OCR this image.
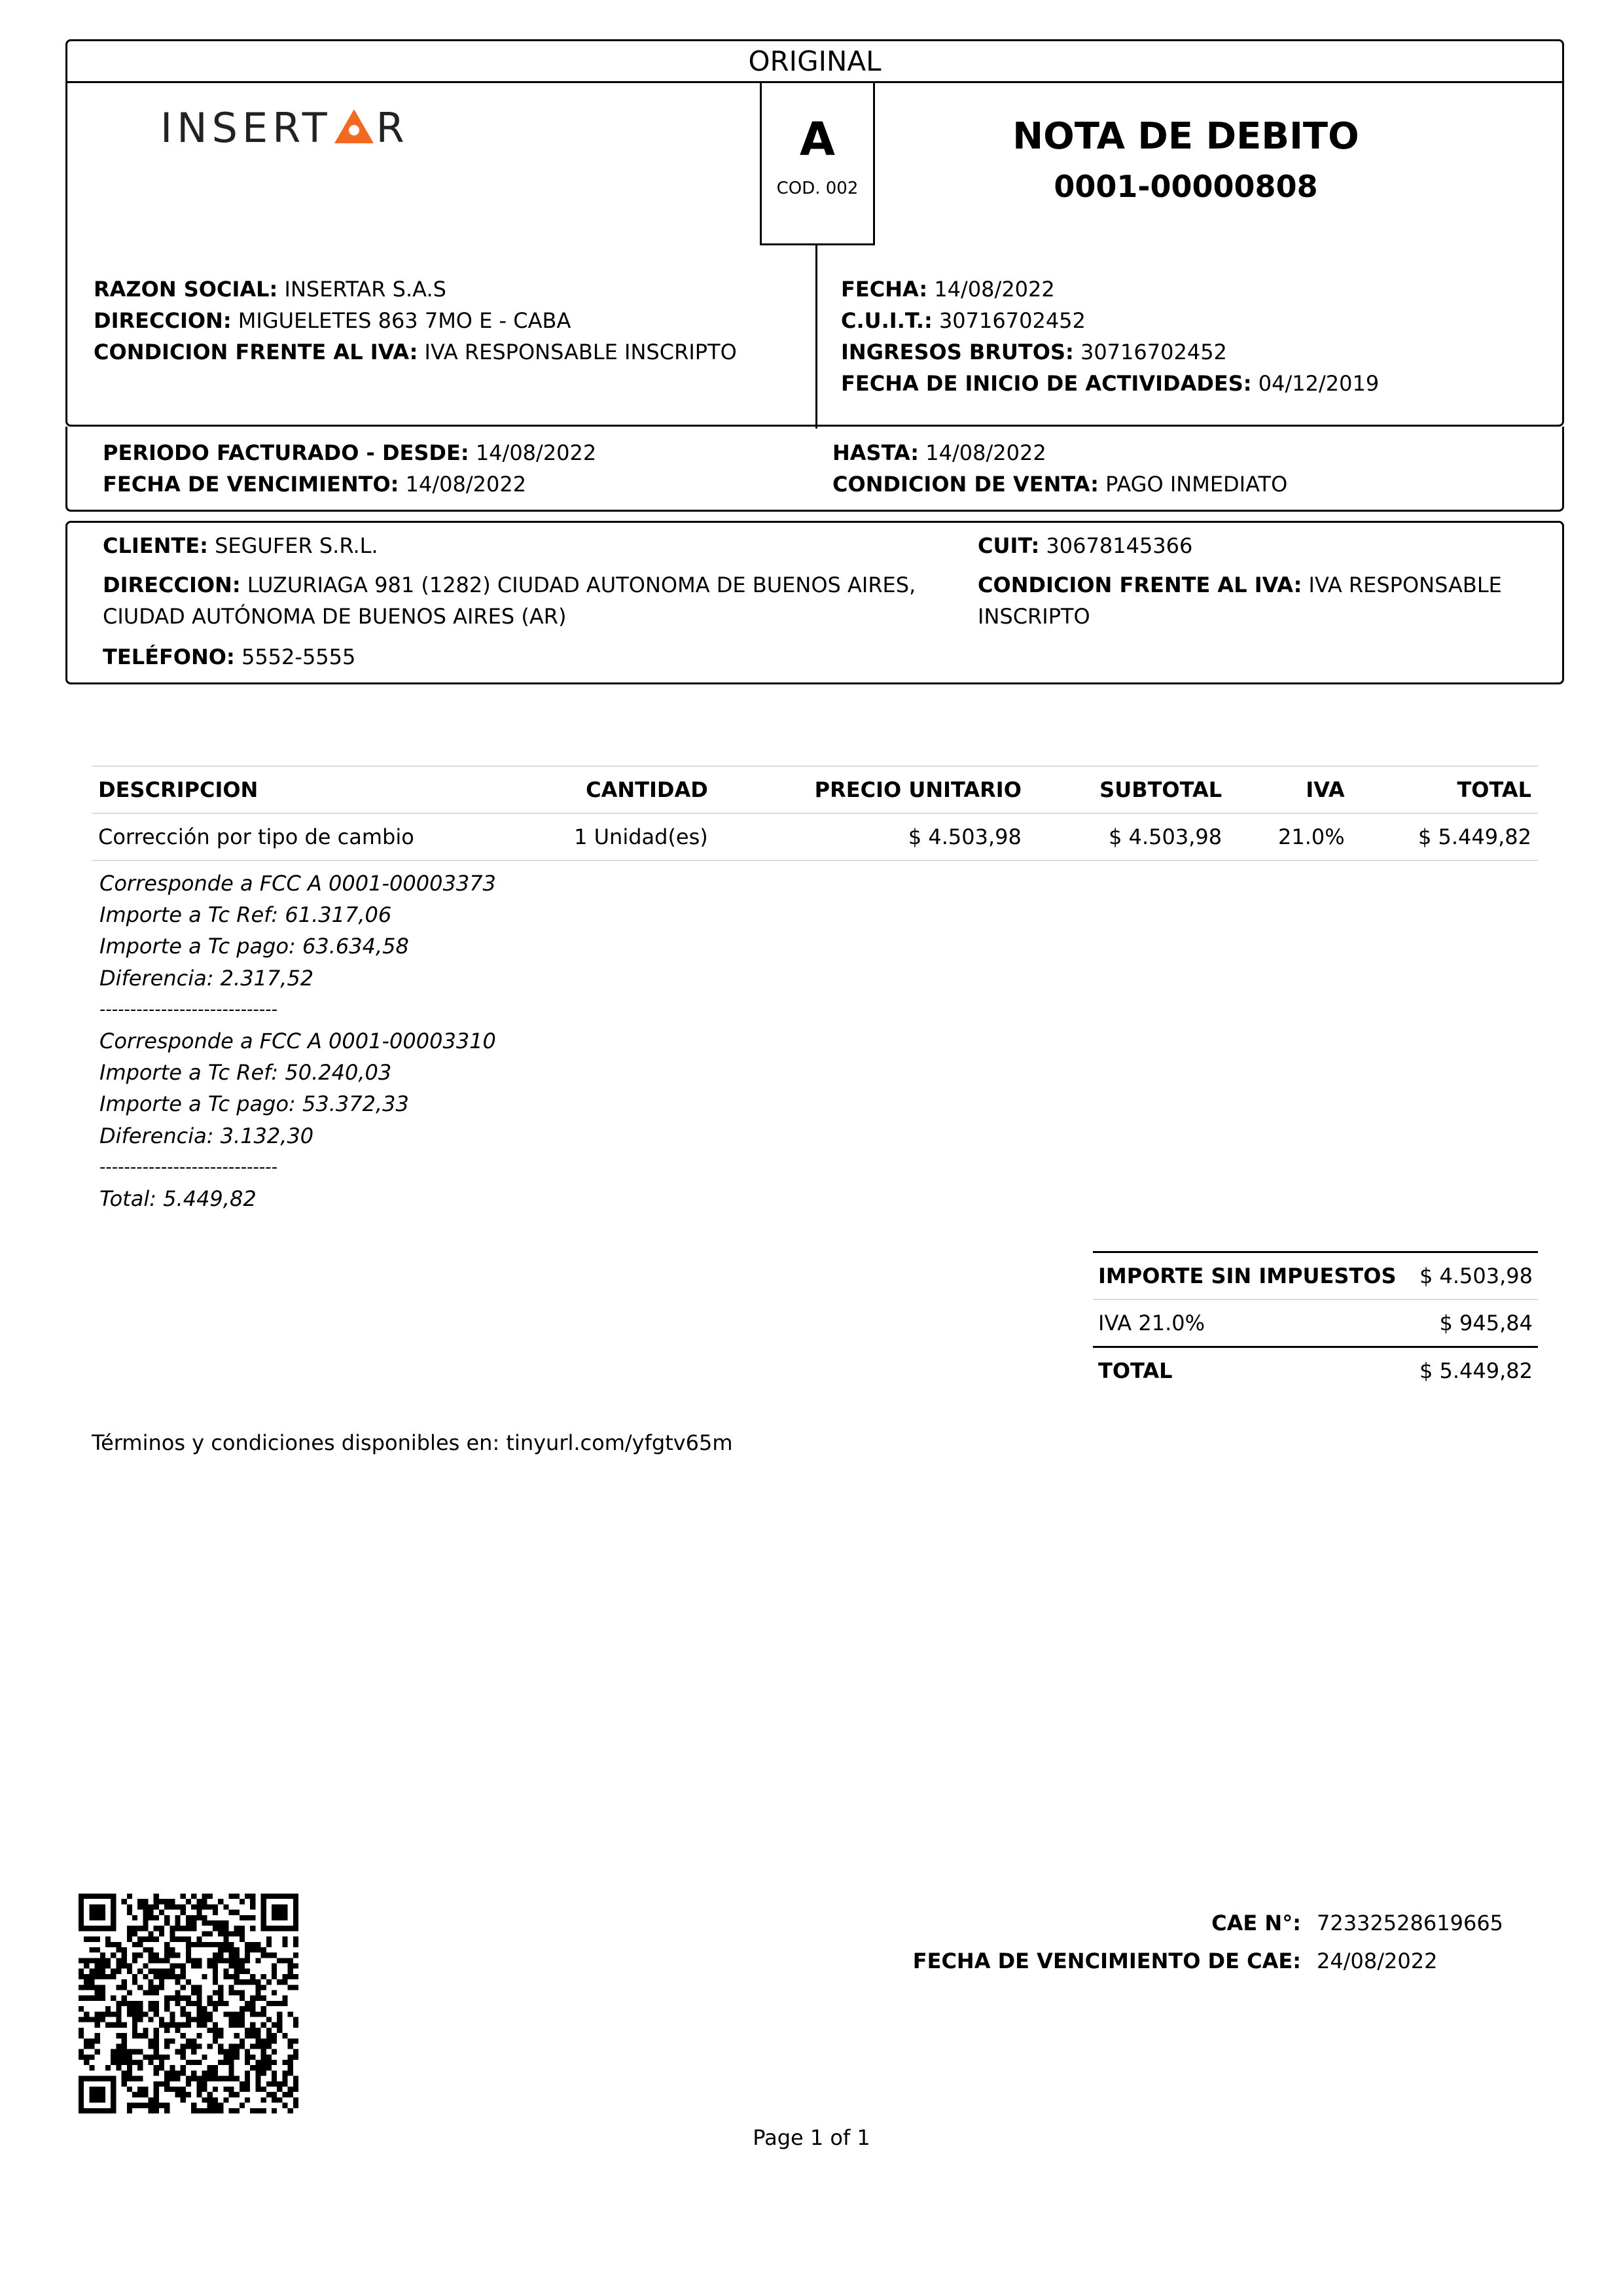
ORIGINAL
A
COD. 002
INSERT R	NOTA DE DEBITO
0001-00000808
RAZON SOCIAL: INSERTAR S.A.S
DIRECCION: MIGUELETES 863 7MO E - CABA
CONDICION FRENTE AL IVA: IVA RESPONSABLE INSCRIPTO
FECHA: 14/08/2022
C.U.I.T.: 30716702452
INGRESOS BRUTOS: 30716702452
FECHA DE INICIO DE ACTIVIDADES: 04/12/2019
PERIODO FACTURADO - DESDE: 14/08/2022
FECHA DE VENCIMIENTO: 14/08/2022
HASTA: 14/08/2022
CONDICION DE VENTA: PAGO INMEDIATO
CLIENTE: SEGUFER S.R.L.
DIRECCION: LUZURIAGA 981 (1282) CIUDAD AUTONOMA DE BUENOS AIRES,
CIUDAD AUTÓNOMA DE BUENOS AIRES (AR)
TELÉFONO: 5552-5555
CUIT: 30678145366
CONDICION FRENTE AL IVA: IVA RESPONSABLE
INSCRIPTO
DESCRIPCION	CANTIDAD	PRECIO UNITARIO	SUBTOTAL	IVA	TOTAL
Corrección por tipo de cambio	1 Unidad(es)	$ 4.503,98	$ 4.503,98	21.0%	$ 5.449,82
Corresponde a FCC A 0001-00003373
Importe a Tc Ref: 61.317,06
Importe a Tc pago: 63.634,58
Diferencia: 2.317,52
-----------------------------
Corresponde a FCC A 0001-00003310
Importe a Tc Ref: 50.240,03
Importe a Tc pago: 53.372,33
Diferencia: 3.132,30
-----------------------------
Total: 5.449,82
IMPORTE SIN IMPUESTOS	$ 4.503,98
IVA 21.0%	$ 945,84
TOTAL	$ 5.449,82
Términos y condiciones disponibles en: tinyurl.com/yfgtv65m
CAE N°: 72332528619665
FECHA DE VENCIMIENTO DE CAE: 24/08/2022
Page 1 of 1
